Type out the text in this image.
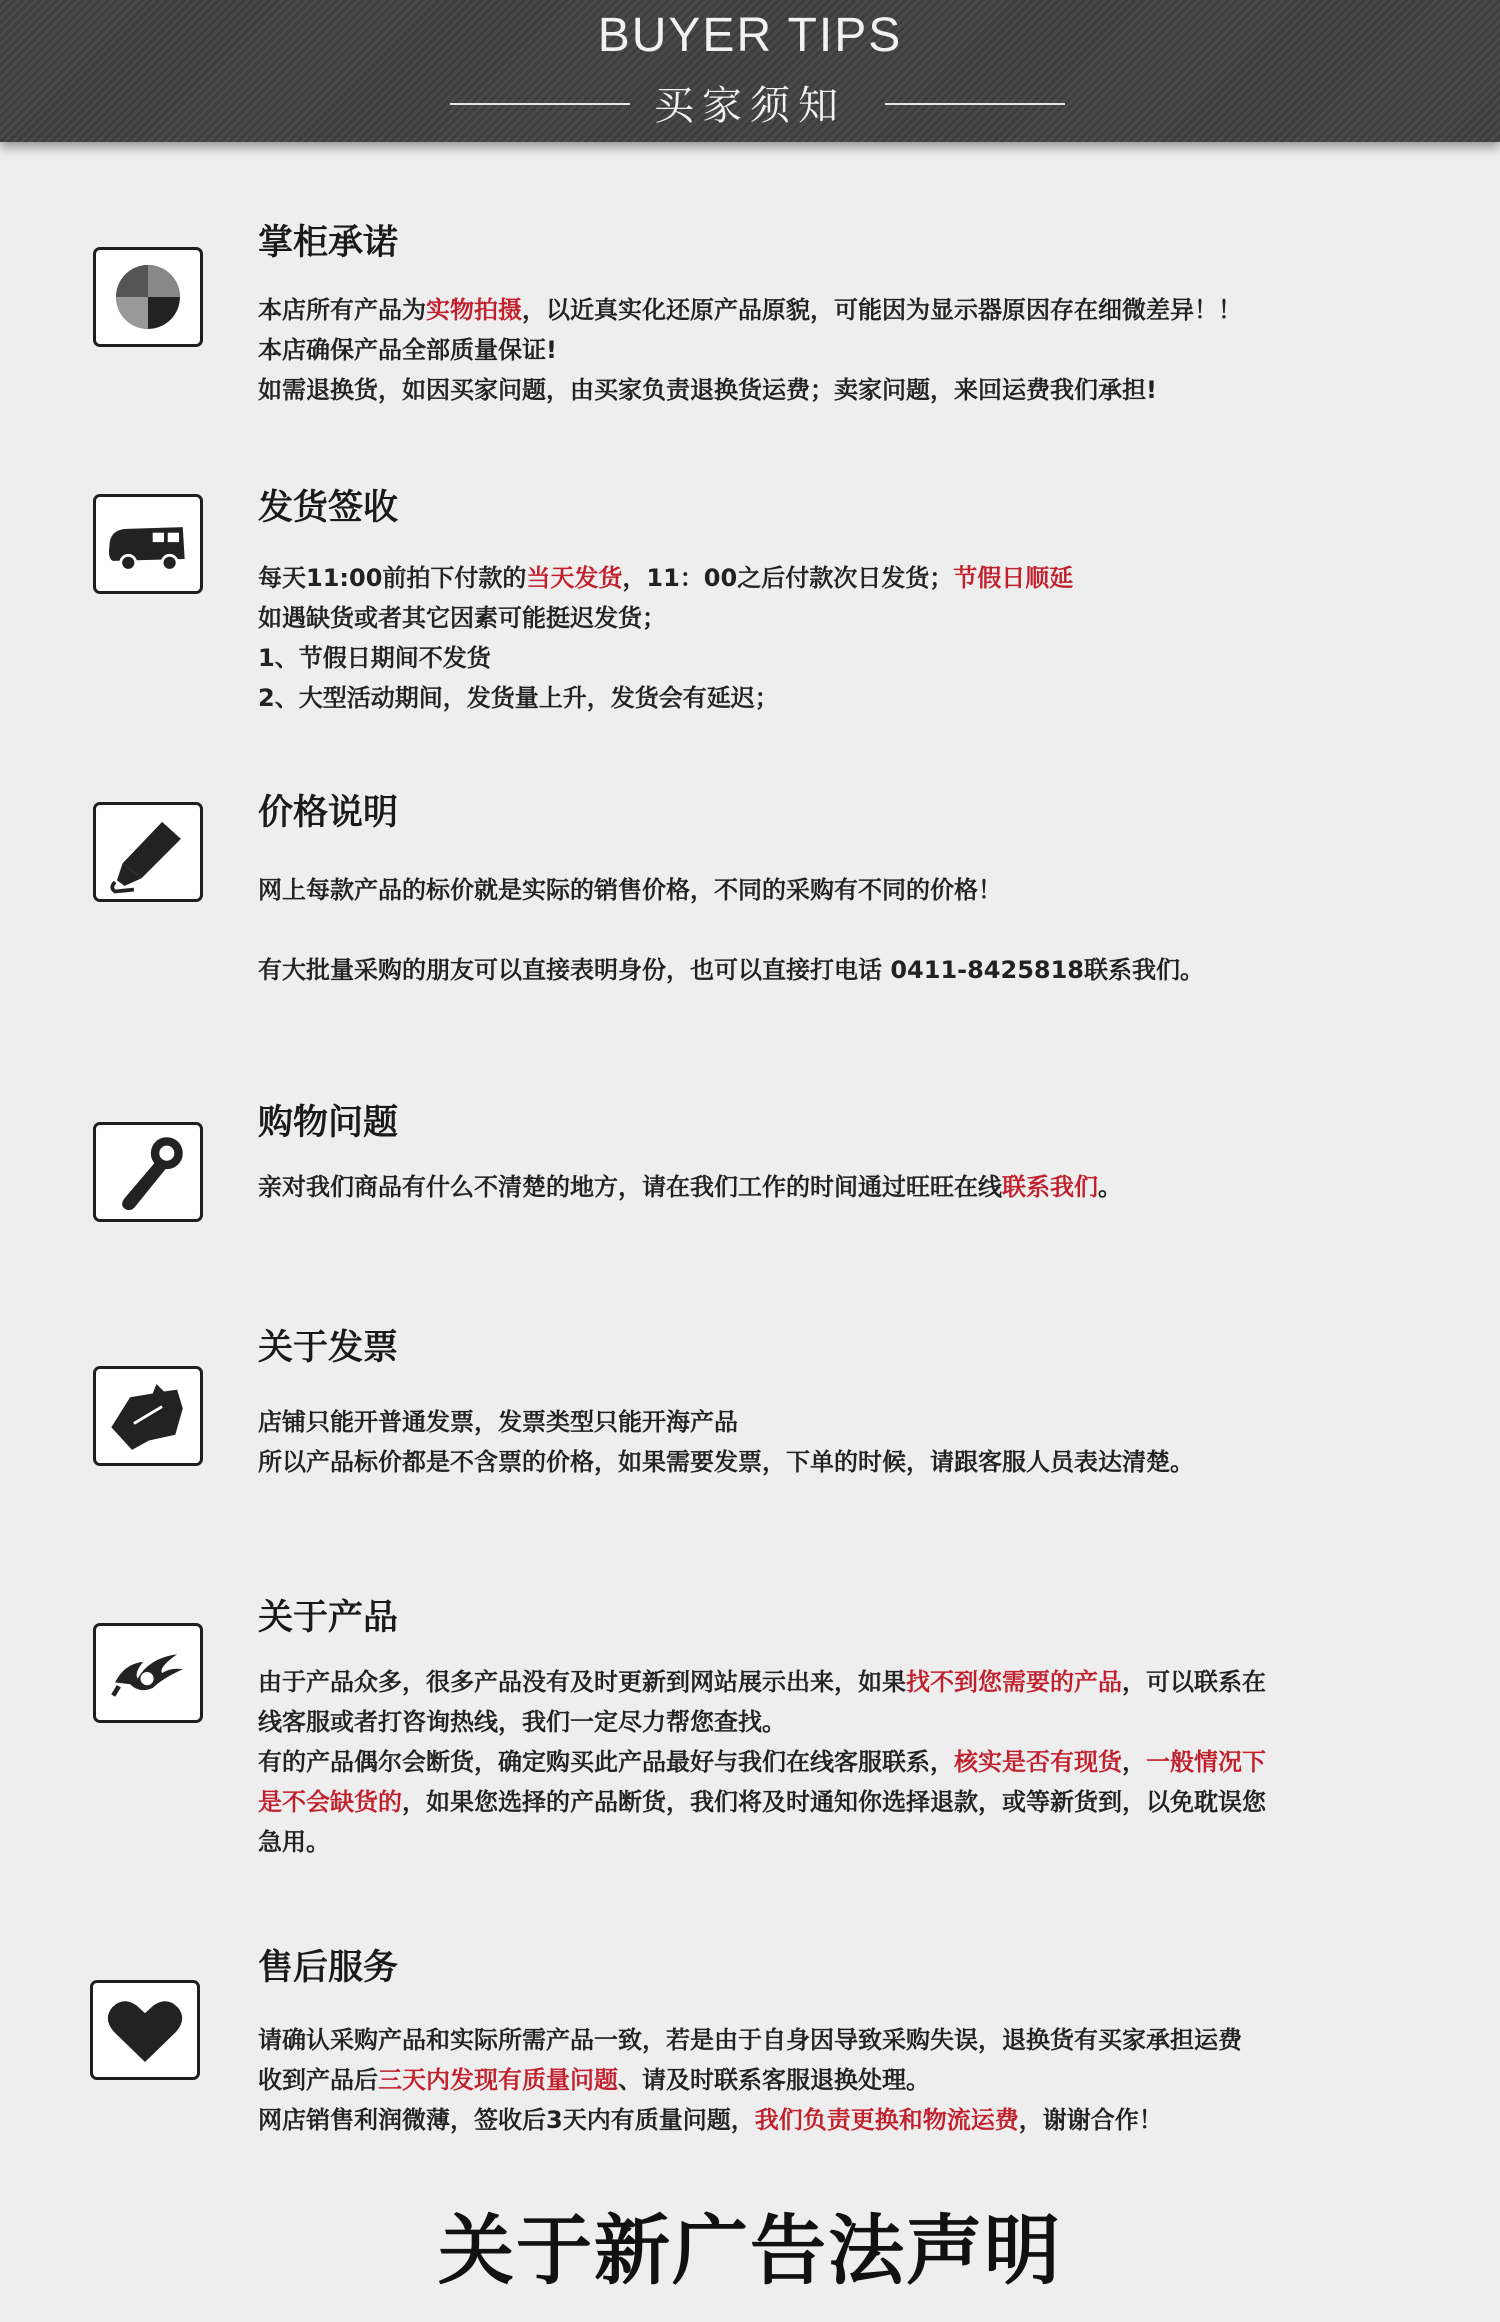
BUYER TIPS
买家须知
掌柜承诺
本店所有产品为实物拍摄，以近真实化还原产品原貌，可能因为显示器原因存在细微差异！！
本店确保产品全部质量保证!
如需退换货，如因买家问题，由买家负责退换货运费；卖家问题，来回运费我们承担!
发货签收
每天11:00前拍下付款的当天发货，11：00之后付款次日发货；节假日顺延
如遇缺货或者其它因素可能挺迟发货；
1、节假日期间不发货
2、大型活动期间，发货量上升，发货会有延迟；
价格说明
网上每款产品的标价就是实际的销售价格，不同的采购有不同的价格！
有大批量采购的朋友可以直接表明身份，也可以直接打电话 0411-8425818联系我们。
购物问题
亲对我们商品有什么不清楚的地方，请在我们工作的时间通过旺旺在线联系我们。
关于发票
店铺只能开普通发票，发票类型只能开海产品
所以产品标价都是不含票的价格，如果需要发票，下单的时候，请跟客服人员表达清楚。
关于产品
由于产品众多，很多产品没有及时更新到网站展示出来，如果找不到您需要的产品，可以联系在
线客服或者打咨询热线，我们一定尽力帮您查找。
有的产品偶尔会断货，确定购买此产品最好与我们在线客服联系，核实是否有现货，一般情况下
是不会缺货的，如果您选择的产品断货，我们将及时通知你选择退款，或等新货到，以免耽误您
急用。
售后服务
请确认采购产品和实际所需产品一致，若是由于自身因导致采购失误，退换货有买家承担运费
收到产品后三天内发现有质量问题、请及时联系客服退换处理。
网店销售利润微薄，签收后3天内有质量问题，我们负责更换和物流运费，谢谢合作！
关于新广告法声明
